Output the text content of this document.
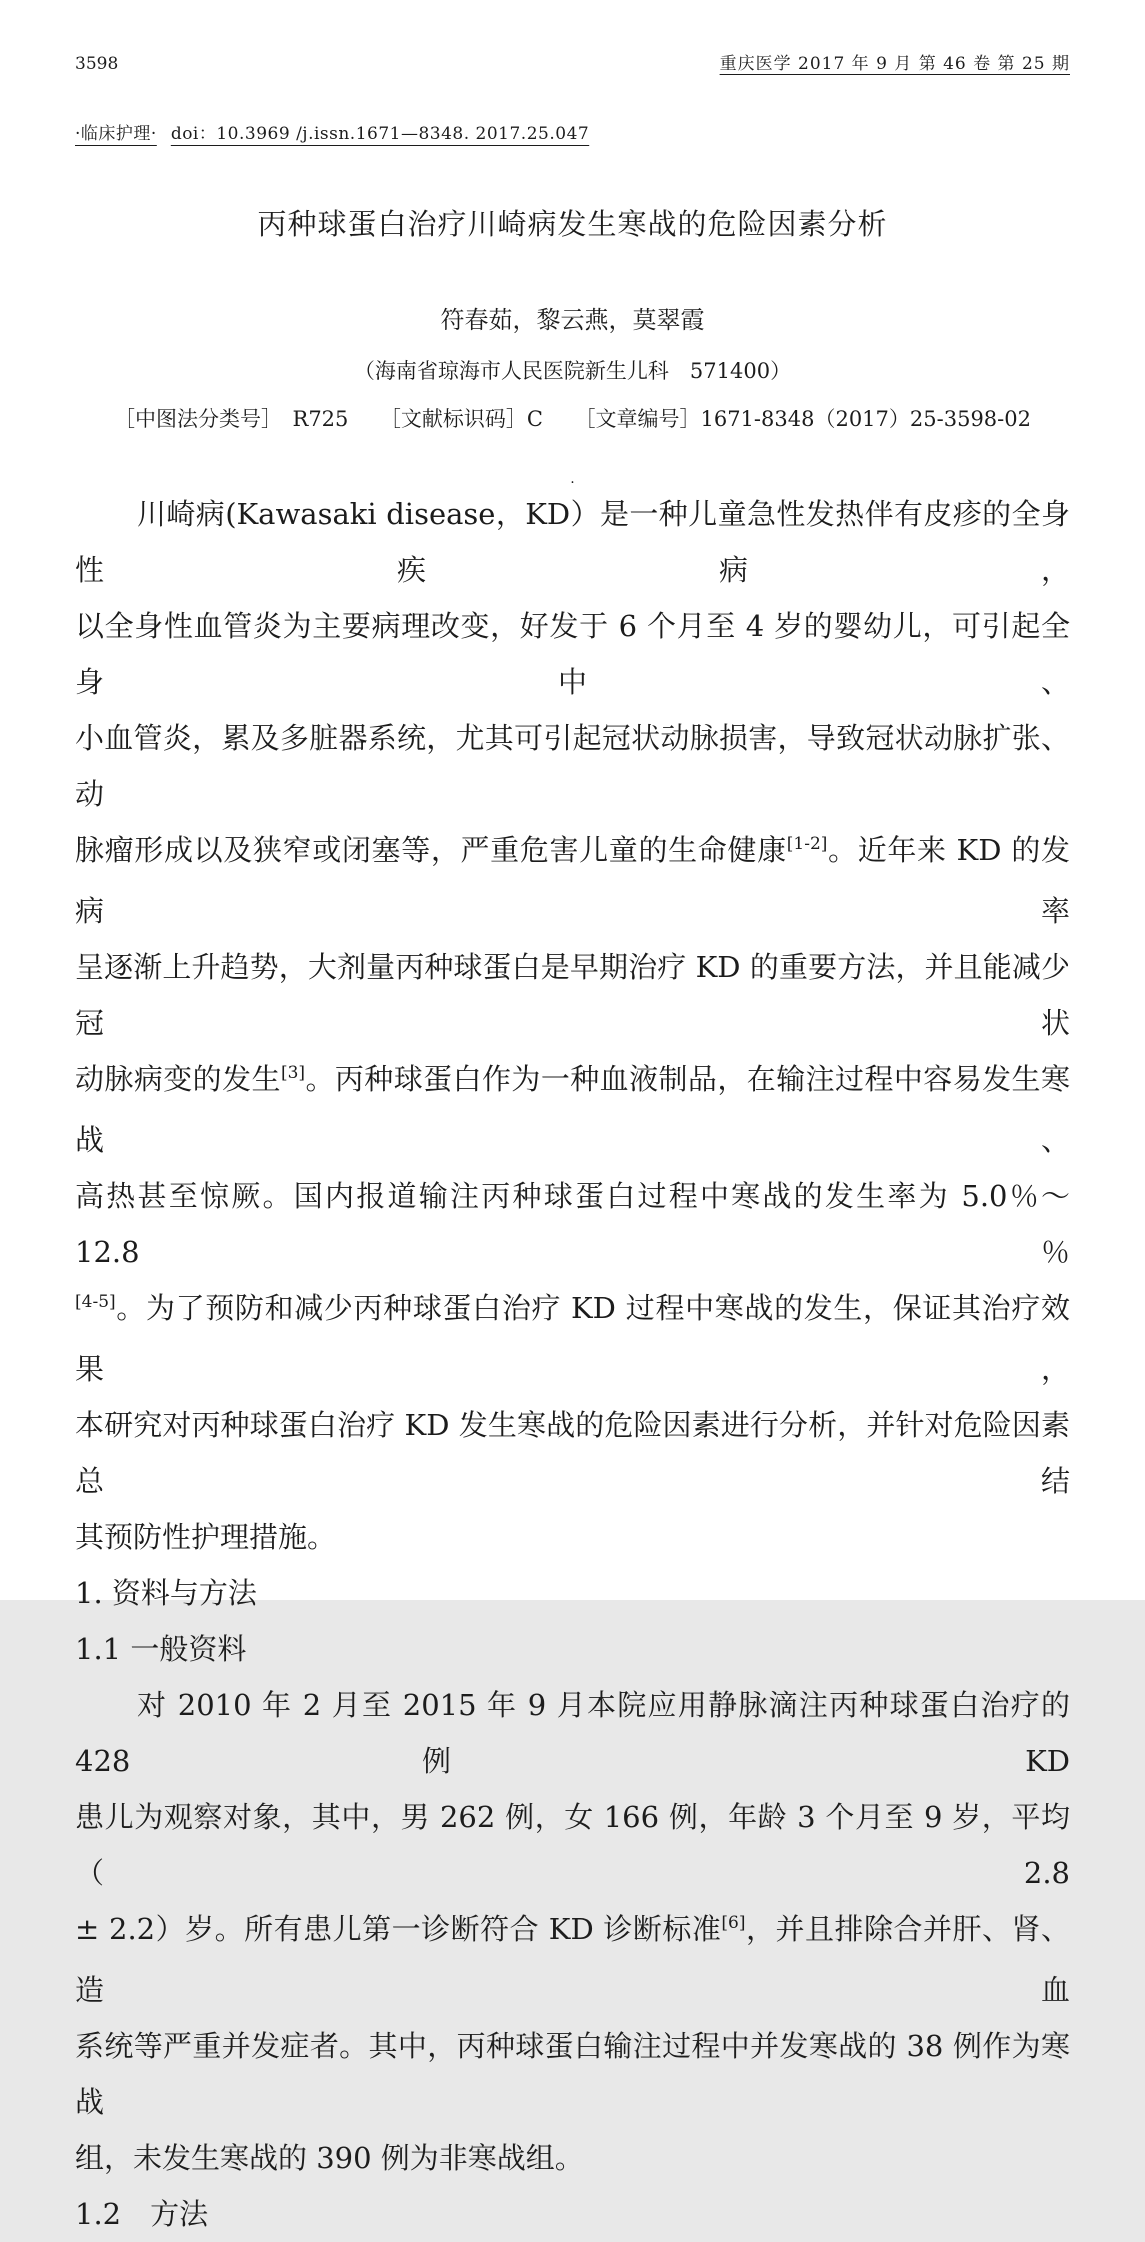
3598	重庆医学 2017 年 9 月 第 46 卷 第 25 期
·临床护理· doi：10.3969 /j.issn.1671—8348. 2017.25.047
丙种球蛋白治疗川崎病发生寒战的危险因素分析
符春茹，黎云燕，莫翠霞
（海南省琼海市人民医院新生儿科　571400）
［中图法分类号］　R725　　［文献标识码］C　　［文章编号］1671-8348（2017）25-3598-02
.
川崎病(Kawasaki disease，KD）是一种儿童急性发热伴有皮疹的全身性疾病，
以全身性血管炎为主要病理改变，好发于 6 个月至 4 岁的婴幼儿，可引起全身中、
小血管炎，累及多脏器系统，尤其可引起冠状动脉损害，导致冠状动脉扩张、动
脉瘤形成以及狭窄或闭塞等，严重危害儿童的生命健康[1-2]。近年来 KD 的发病率
呈逐渐上升趋势，大剂量丙种球蛋白是早期治疗 KD 的重要方法，并且能减少冠状
动脉病变的发生[3]。丙种球蛋白作为一种血液制品，在输注过程中容易发生寒战、
高热甚至惊厥。国内报道输注丙种球蛋白过程中寒战的发生率为 5.0％～12.8％
[4-5]。为了预防和减少丙种球蛋白治疗 KD 过程中寒战的发生，保证其治疗效果，
本研究对丙种球蛋白治疗 KD 发生寒战的危险因素进行分析，并针对危险因素总结
其预防性护理措施。
1. 资料与方法
1.1 一般资料
对 2010 年 2 月至 2015 年 9 月本院应用静脉滴注丙种球蛋白治疗的 428 例 KD
患儿为观察对象，其中，男 262 例，女 166 例，年龄 3 个月至 9 岁，平均（2.8
± 2.2）岁。所有患儿第一诊断符合 KD 诊断标准[6]，并且排除合并肝、肾、造血
系统等严重并发症者。其中，丙种球蛋白输注过程中并发寒战的 38 例作为寒战
组，未发生寒战的 390 例为非寒战组。
1.2　方法
